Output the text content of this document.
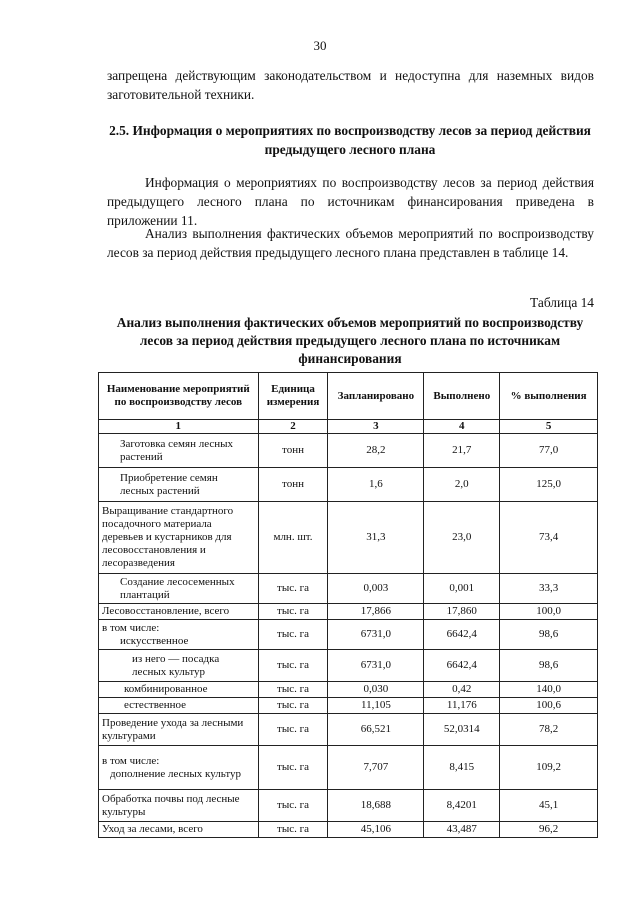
30

запрещена действующим законодательством и недоступна для наземных видов заготовительной техники.

2.5. Информация о мероприятиях по воспроизводству лесов за период действия предыдущего лесного плана

Информация о мероприятиях по воспроизводству лесов за период действия предыдущего лесного плана по источникам финансирования приведена в приложении 11.

Анализ выполнения фактических объемов мероприятий по воспроизводству лесов за период действия предыдущего лесного плана представлен в таблице 14.

Таблица 14

Анализ выполнения фактических объемов мероприятий по воспроизводству лесов за период действия предыдущего лесного плана по источникам финансирования

Наименование мероприятий по воспроизводству лесов	Единица измерения	Запланировано	Выполнено	% выполнения
1	2	3	4	5
Заготовка семян лесных растений	тонн	28,2	21,7	77,0
Приобретение семян лесных растений	тонн	1,6	2,0	125,0
Выращивание стандартного посадочного материала деревьев и кустарников для лесовосстановления и лесоразведения	млн. шт.	31,3	23,0	73,4
Создание лесосеменных плантаций	тыс. га	0,003	0,001	33,3
Лесовосстановление, всего	тыс. га	17,866	17,860	100,0

в том числе:
искусственное	тыс. га	6731,0	6642,4	98,6
из него — посадка лесных культур	тыс. га	6731,0	6642,4	98,6
комбинированное	тыс. га	0,030	0,42	140,0
естественное	тыс. га	11,105	11,176	100,6
Проведение ухода за лесными культурами	тыс. га	66,521	52,0314	78,2

в том числе:
дополнение лесных культур	тыс. га	7,707	8,415	109,2
Обработка почвы под лесные культуры	тыс. га	18,688	8,4201	45,1
Уход за лесами, всего	тыс. га	45,106	43,487	96,2
